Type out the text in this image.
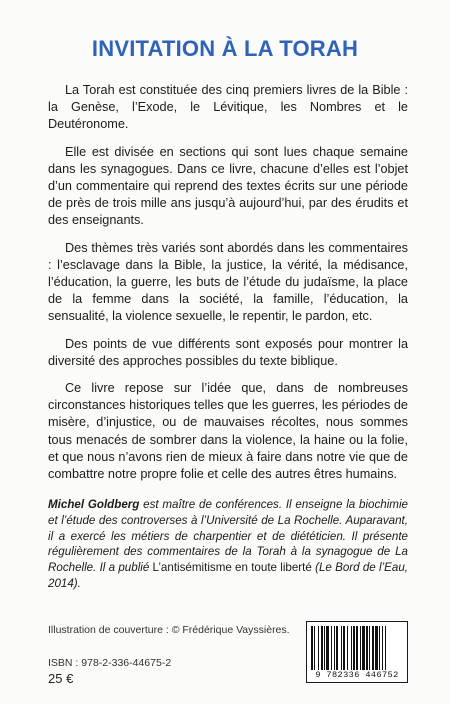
INVITATION À LA TORAH

La Torah est constituée des cinq premiers livres de la Bible : la Genèse, l’Exode, le Lévitique, les Nombres et le Deutéronome.

Elle est divisée en sections qui sont lues chaque semaine dans les synagogues. Dans ce livre, chacune d’elles est l’objet d’un commentaire qui reprend des textes écrits sur une période de près de trois mille ans jusqu’à aujourd’hui, par des érudits et des enseignants.

Des thèmes très variés sont abordés dans les commentaires : l’esclavage dans la Bible, la justice, la vérité, la médisance, l’éducation, la guerre, les buts de l’étude du judaïsme, la place de la femme dans la société, la famille, l’éducation, la sensualité, la violence sexuelle, le repentir, le pardon, etc.

Des points de vue différents sont exposés pour montrer la diversité des approches possibles du texte biblique.

Ce livre repose sur l’idée que, dans de nombreuses circonstances historiques telles que les guerres, les périodes de misère, d’injustice, ou de mauvaises récoltes, nous sommes tous menacés de sombrer dans la violence, la haine ou la folie, et que nous n’avons rien de mieux à faire dans notre vie que de combattre notre propre folie et celle des autres êtres humains.

Michel Goldberg est maître de conférences. Il enseigne la biochimie et l’étude des controverses à l’Université de La Rochelle. Auparavant, il a exercé les métiers de charpentier et de diététicien. Il présente régulièrement des commentaires de la Torah à la synagogue de La Rochelle. Il a publié L’antisémitisme en toute liberté (Le Bord de l’Eau, 2014).

Illustration de couverture : © Frédérique Vayssières.

ISBN : 978-2-336-44675-2

25 €	9 782336 446752
